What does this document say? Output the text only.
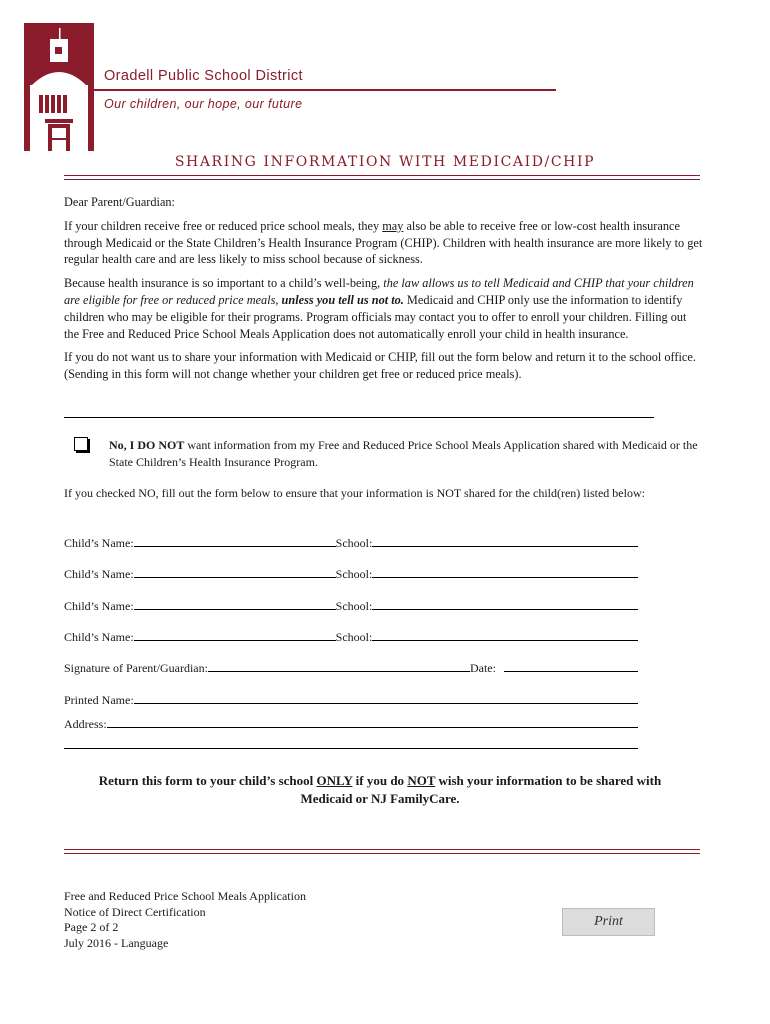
Oradell Public School District
Our children, our hope, our future
SHARING INFORMATION WITH MEDICAID/CHIP

Dear Parent/Guardian:

If your children receive free or reduced price school meals, they may also be able to receive free or low-cost health insurance through Medicaid or the State Children’s Health Insurance Program (CHIP). Children with health insurance are more likely to get regular health care and are less likely to miss school because of sickness.

Because health insurance is so important to a child’s well-being, the law allows us to tell Medicaid and CHIP that your children are eligible for free or reduced price meals, unless you tell us not to. Medicaid and CHIP only use the information to identify children who may be eligible for their programs. Program officials may contact you to offer to enroll your children. Filling out the Free and Reduced Price School Meals Application does not automatically enroll your child in health insurance.

If you do not want us to share your information with Medicaid or CHIP, fill out the form below and return it to the school office. (Sending in this form will not change whether your children get free or reduced price meals).

No, I DO NOT want information from my Free and Reduced Price School Meals Application shared with Medicaid or the State Children’s Health Insurance Program.
If you checked NO, fill out the form below to ensure that your information is NOT shared for the child(ren) listed below:
Child’s Name:	School:
Child’s Name:	School:
Child’s Name:	School:
Child’s Name:	School:
Signature of Parent/Guardian:	Date:
Printed Name:
Address:
Return this form to your child’s school ONLY if you do NOT wish your information to be shared with
Medicaid or NJ FamilyCare.
Free and Reduced Price School Meals Application
Notice of Direct Certification
Page 2 of 2
July 2016 - Language
Print
